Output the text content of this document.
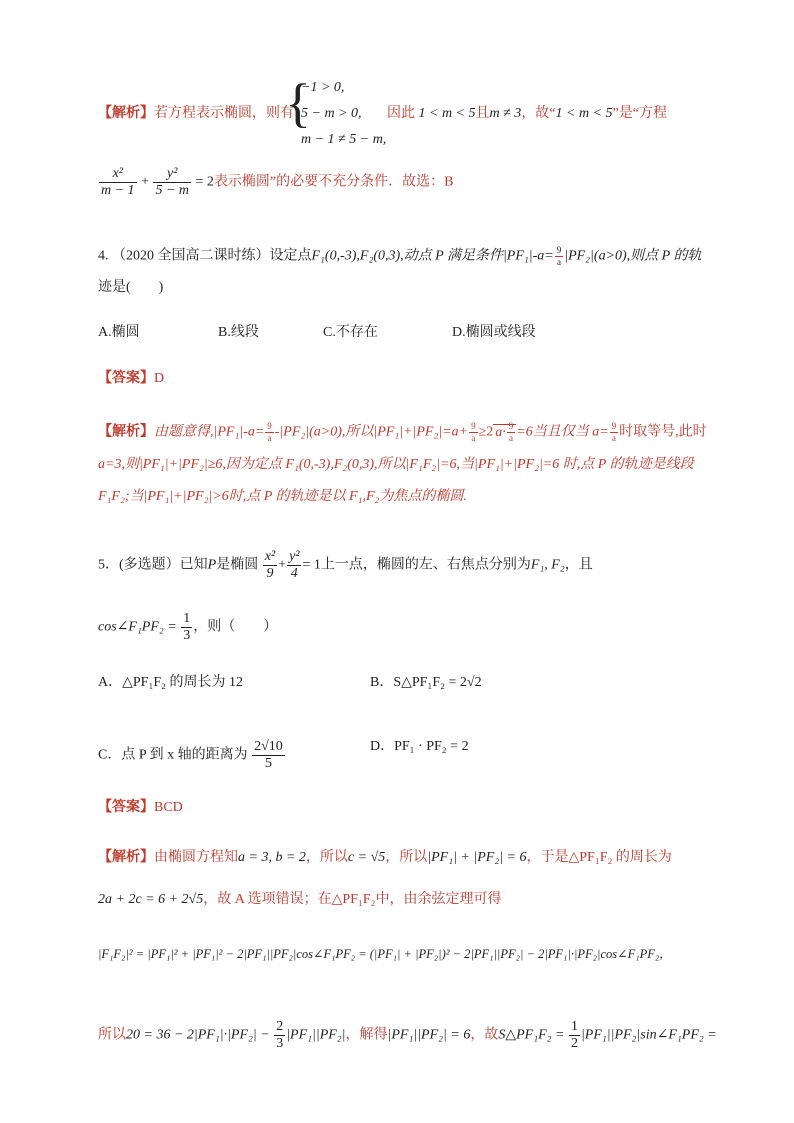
【解析】若方程表示椭圆，则有
{
−1 > 0,
5 − m > 0,
m − 1 ≠ 5 − m,
因此 1 < m < 5且m ≠ 3，故“1 < m < 5”是“方程
$\frac{\text{x²}}{m - 1} + \frac{\text{y²}}{5 - m} = 2$表示椭圆”的必要不充分条件．故选：B
4. （2020 全国高二课时练）设定点F₁(0,-3),F₂(0,3),动点 P 满足条件$|PF_1|-a= \frac{9}{a} |PF_2|(a>0)$,则点 P 的轨
迹是(　　)
A.椭圆	B.线段	C.不存在	D.椭圆或线段
【答案】D
【解析】由题意得$,|PF_1|-a= \frac{9}{a} -|PF_2|(a>0)$,所以$|PF_1|+|PF_2|=a+ \frac{9}{a} \ge 2$ $a\cdot \frac{9}{a} =6$当且仅当 $a= \frac{9}{a}$ 时取等号,此时
a=3,则|PF₁|+|PF₂|≥6,因为定点 F₁(0,-3),F₂(0,3),所以|F₁F₂|=6,当|PF₁|+|PF₂|=6 时,点 P 的轨迹是线段
F₁F₂;当|PF₁|+|PF₂|>6时,点 P 的轨迹是以 F₁,F₂为焦点的椭圆.
5．(多选题）已知P是椭圆 $\frac{\text{x²}}{9} + \frac{\text{y²}}{4} = 1$上一点，椭圆的左、右焦点分别为F₁, F₂，且
cos∠F₁PF₂ = $\frac{1}{3}$ ，则（　　）
A．△PF₁F₂ 的周长为 12	B．S△PF₁F₂ = 2√2
C．点 P 到 x 轴的距离为 $\frac{2√10}{5}$	D．PF₁ · PF₂ = 2
【答案】BCD
【解析】由椭圆方程知a = 3, b = 2，所以c = √5，所以|PF₁| + |PF₂| = 6，于是△PF₁F₂ 的周长为
2a + 2c = 6 + 2√5，故 A 选项错误；在△PF₁F₂中，由余弦定理可得
|F₁F₂|² = |PF₁|² + |PF₁|² − 2|PF₁||PF₂|cos∠F₁PF₂ = (|PF₁| + |PF₂|)² − 2|PF₁||PF₂| − 2|PF₁|·|PF₂|cos∠F₁PF₂，
所以$20 = 36 - 2|PF_1|\cdot|PF_2| - \frac{2}{3} |PF_1||PF_2|$，解得|PF₁||PF₂| = 6，故S△PF₁F₂ = $\frac{1}{2}$ |PF₁||PF₂|sin∠F₁PF₂ =
